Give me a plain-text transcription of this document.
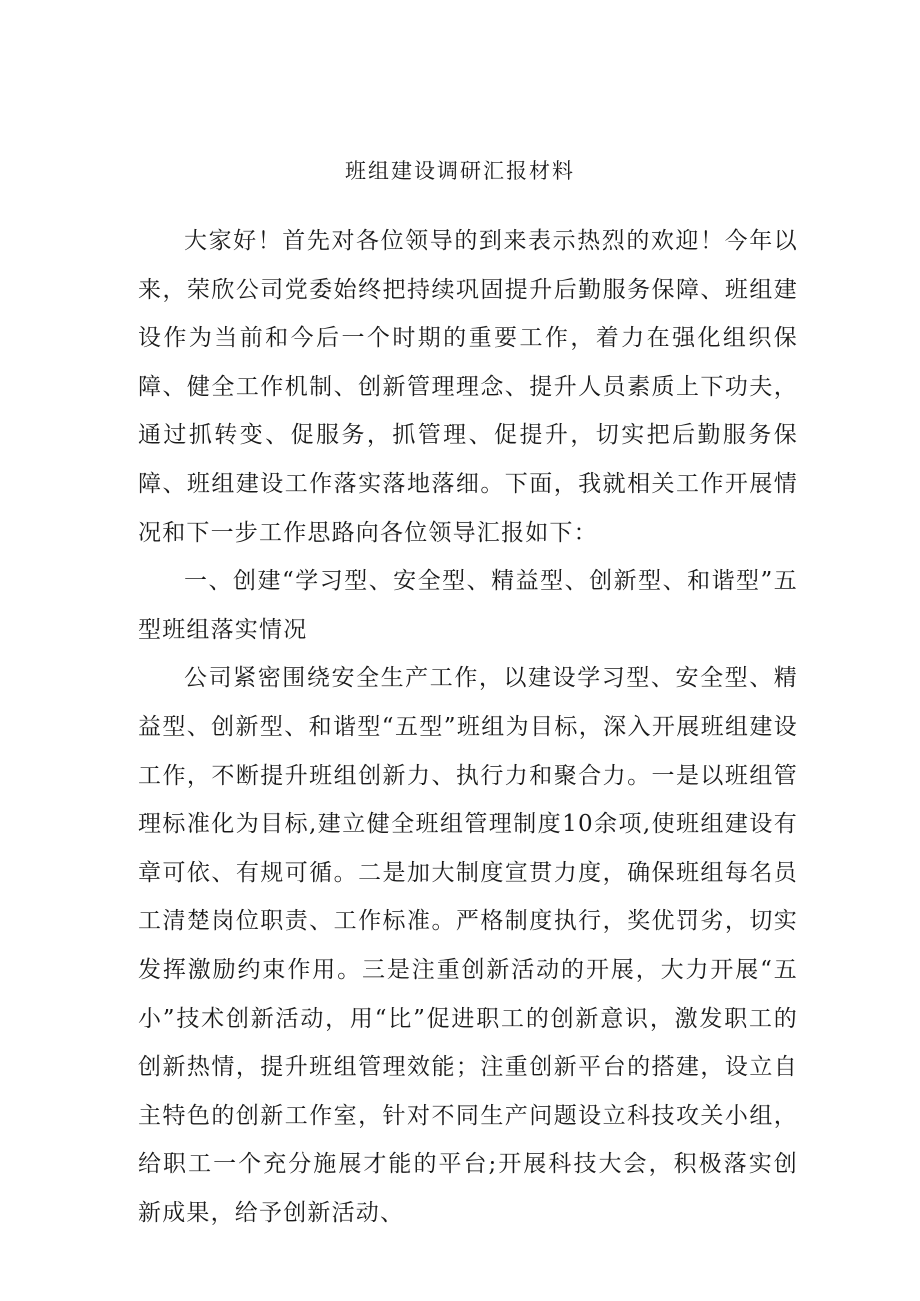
班组建设调研汇报材料

大家好！首先对各位领导的到来表示热烈的欢迎！今年以来，荣欣公司党委始终把持续巩固提升后勤服务保障、班组建设作为当前和今后一个时期的重要工作，着力在强化组织保障、健全工作机制、创新管理理念、提升人员素质上下功夫，通过抓转变、促服务，抓管理、促提升，切实把后勤服务保障、班组建设工作落实落地落细。下面，我就相关工作开展情况和下一步工作思路向各位领导汇报如下：

一、创建“学习型、安全型、精益型、创新型、和谐型”五型班组落实情况

公司紧密围绕安全生产工作，以建设学习型、安全型、精益型、创新型、和谐型“五型”班组为目标，深入开展班组建设工作，不断提升班组创新力、执行力和聚合力。一是以班组管理标准化为目标,建立健全班组管理制度10余项,使班组建设有章可依、有规可循。二是加大制度宣贯力度，确保班组每名员工清楚岗位职责、工作标准。严格制度执行，奖优罚劣，切实发挥激励约束作用。三是注重创新活动的开展，大力开展“五小”技术创新活动，用“比”促进职工的创新意识，激发职工的创新热情，提升班组管理效能；注重创新平台的搭建，设立自主特色的创新工作室，针对不同生产问题设立科技攻关小组，给职工一个充分施展才能的平台;开展科技大会，积极落实创新成果，给予创新活动、
